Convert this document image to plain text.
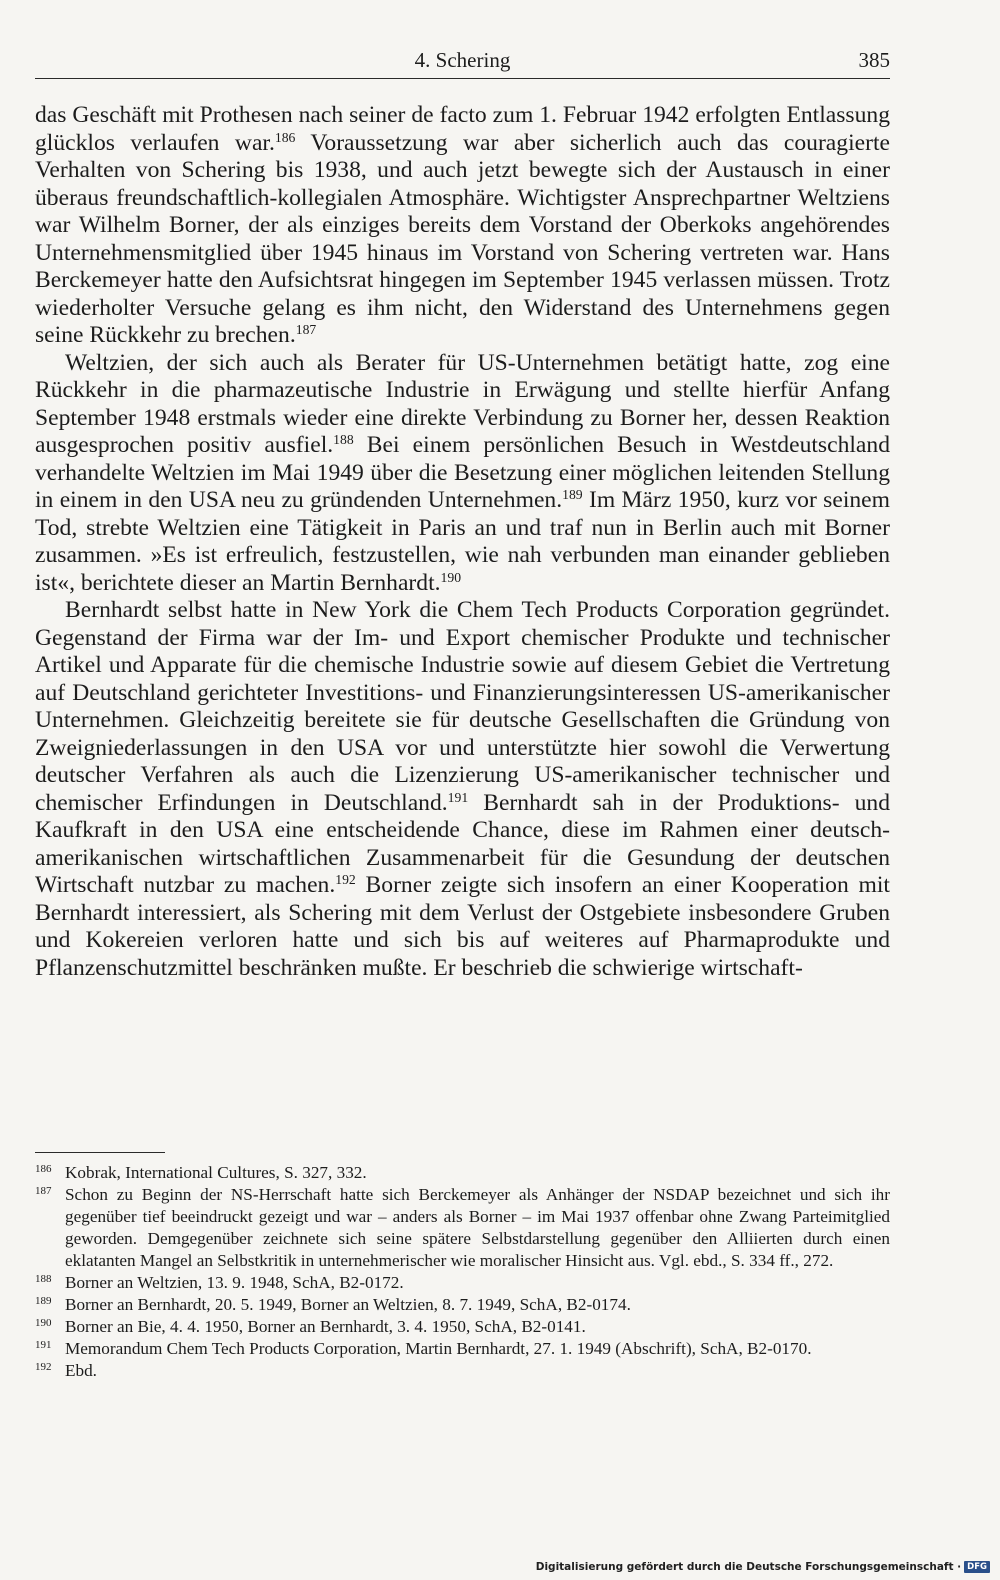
4. Schering	385

das Geschäft mit Prothesen nach seiner de facto zum 1. Februar 1942 erfolgten Entlassung glücklos verlaufen war.$^{186}$ Voraussetzung war aber sicherlich auch das couragierte Verhalten von Schering bis 1938, und auch jetzt bewegte sich der Austausch in einer überaus freundschaftlich-kollegialen Atmosphäre. Wichtigster Ansprechpartner Weltziens war Wilhelm Borner, der als einziges bereits dem Vorstand der Oberkoks angehörendes Unternehmensmitglied über 1945 hinaus im Vorstand von Schering vertreten war. Hans Berckemeyer hatte den Aufsichtsrat hingegen im September 1945 verlassen müssen. Trotz wiederholter Versuche gelang es ihm nicht, den Widerstand des Unternehmens gegen seine Rückkehr zu brechen.$^{187}$

Weltzien, der sich auch als Berater für US-Unternehmen betätigt hatte, zog eine Rückkehr in die pharmazeutische Industrie in Erwägung und stellte hierfür Anfang September 1948 erstmals wieder eine direkte Verbindung zu Borner her, dessen Reaktion ausgesprochen positiv ausfiel.$^{188}$ Bei einem persönlichen Besuch in Westdeutschland verhandelte Weltzien im Mai 1949 über die Besetzung einer möglichen leitenden Stellung in einem in den USA neu zu gründenden Unternehmen.$^{189}$ Im März 1950, kurz vor seinem Tod, strebte Weltzien eine Tätigkeit in Paris an und traf nun in Berlin auch mit Borner zusammen. »Es ist erfreulich, festzustellen, wie nah verbunden man einander geblieben ist«, berichtete dieser an Martin Bernhardt.$^{190}$

Bernhardt selbst hatte in New York die Chem Tech Products Corporation gegründet. Gegenstand der Firma war der Im- und Export chemischer Produkte und technischer Artikel und Apparate für die chemische Industrie sowie auf diesem Gebiet die Vertretung auf Deutschland gerichteter Investitions- und Finanzierungsinteressen US-amerikanischer Unternehmen. Gleichzeitig bereitete sie für deutsche Gesellschaften die Gründung von Zweigniederlassungen in den USA vor und unterstützte hier sowohl die Verwertung deutscher Verfahren als auch die Lizenzierung US-amerikanischer technischer und chemischer Erfindungen in Deutschland.$^{191}$ Bernhardt sah in der Produktions- und Kaufkraft in den USA eine entscheidende Chance, diese im Rahmen einer deutsch-amerikanischen wirtschaftlichen Zusammenarbeit für die Gesundung der deutschen Wirtschaft nutzbar zu machen.$^{192}$ Borner zeigte sich insofern an einer Kooperation mit Bernhardt interessiert, als Schering mit dem Verlust der Ostgebiete insbesondere Gruben und Kokereien verloren hatte und sich bis auf weiteres auf Pharmaprodukte und Pflanzenschutzmittel beschränken mußte. Er beschrieb die schwierige wirtschaft-

186 Kobrak, International Cultures, S. 327, 332.
187 Schon zu Beginn der NS-Herrschaft hatte sich Berckemeyer als Anhänger der NSDAP bezeichnet und sich ihr gegenüber tief beeindruckt gezeigt und war – anders als Borner – im Mai 1937 offenbar ohne Zwang Parteimitglied geworden. Demgegenüber zeichnete sich seine spätere Selbstdarstellung gegenüber den Alliierten durch einen eklatanten Mangel an Selbstkritik in unternehmerischer wie moralischer Hinsicht aus. Vgl. ebd., S. 334 ff., 272.
188 Borner an Weltzien, 13. 9. 1948, SchA, B2-0172.
189 Borner an Bernhardt, 20. 5. 1949, Borner an Weltzien, 8. 7. 1949, SchA, B2-0174.
190 Borner an Bie, 4. 4. 1950, Borner an Bernhardt, 3. 4. 1950, SchA, B2-0141.
191 Memorandum Chem Tech Products Corporation, Martin Bernhardt, 27. 1. 1949 (Abschrift), SchA, B2-0170.
192 Ebd.
Digitalisierung gefördert durch die Deutsche Forschungsgemeinschaft · DFG
